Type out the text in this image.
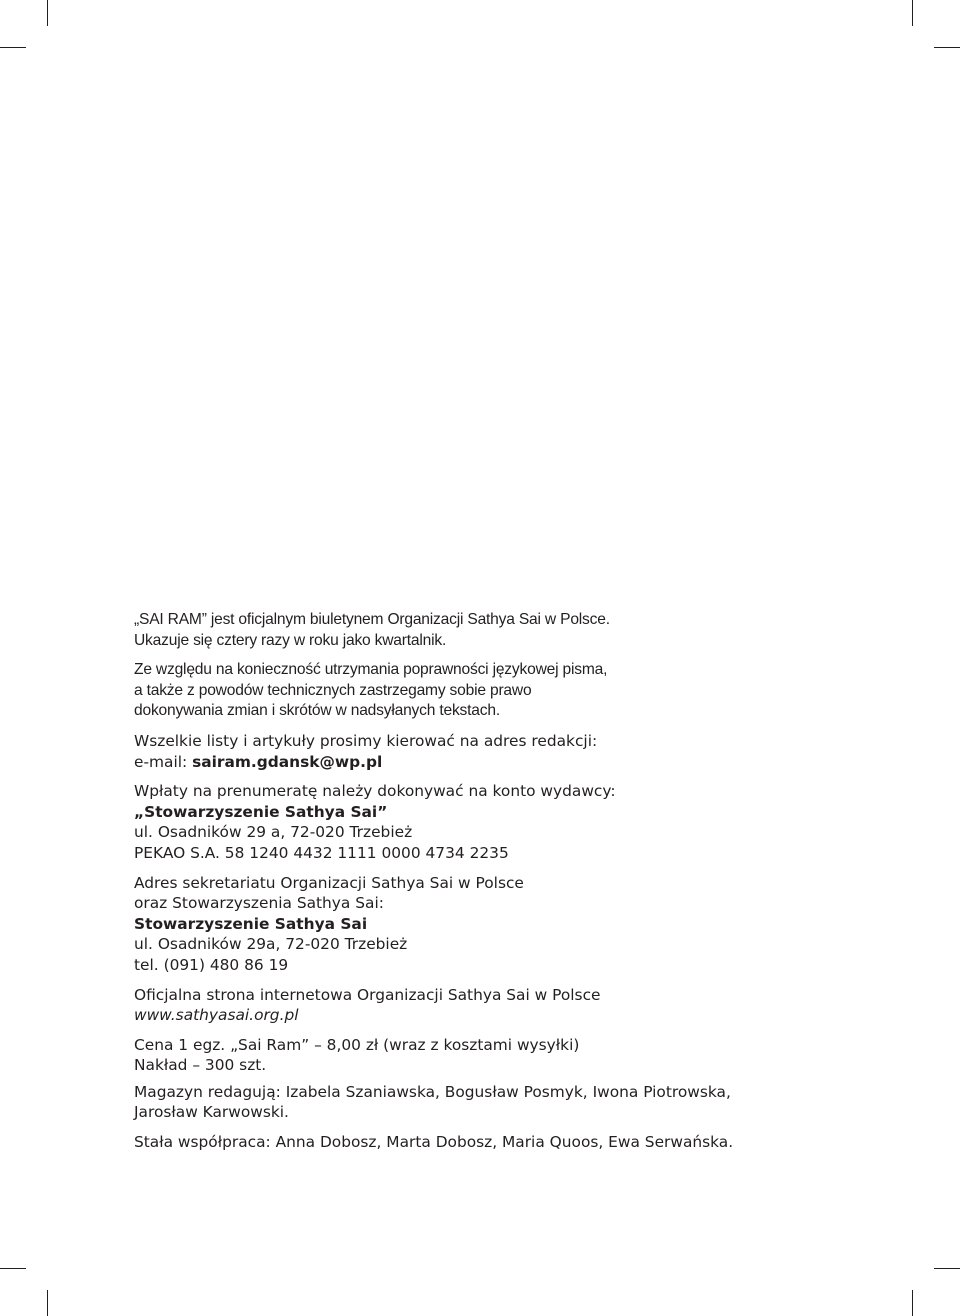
„SAI RAM” jest oficjalnym biuletynem Organizacji Sathya Sai w Polsce.
Ukazuje się cztery razy w roku jako kwartalnik.
Ze względu na konieczność utrzymania poprawności językowej pisma,
a także z powodów technicznych zastrzegamy sobie prawo
dokonywania zmian i skrótów w nadsyłanych tekstach.
Wszelkie listy i artykuły prosimy kierować na adres redakcji:
e-mail: sairam.gdansk@wp.pl
Wpłaty na prenumeratę należy dokonywać na konto wydawcy:
„Stowarzyszenie Sathya Sai”
ul. Osadników 29 a, 72-020 Trzebież
PEKAO S.A. 58 1240 4432 1111 0000 4734 2235
Adres sekretariatu Organizacji Sathya Sai w Polsce
oraz Stowarzyszenia Sathya Sai:
Stowarzyszenie Sathya Sai
ul. Osadników 29a, 72-020 Trzebież
tel. (091) 480 86 19
Oficjalna strona internetowa Organizacji Sathya Sai w Polsce
www.sathyasai.org.pl
Cena 1 egz. „Sai Ram” – 8,00 zł (wraz z kosztami wysyłki)
Nakład – 300 szt.
Magazyn redagują: Izabela Szaniawska, Bogusław Posmyk, Iwona Piotrowska,
Jarosław Karwowski.
Stała współpraca: Anna Dobosz, Marta Dobosz, Maria Quoos, Ewa Serwańska.
